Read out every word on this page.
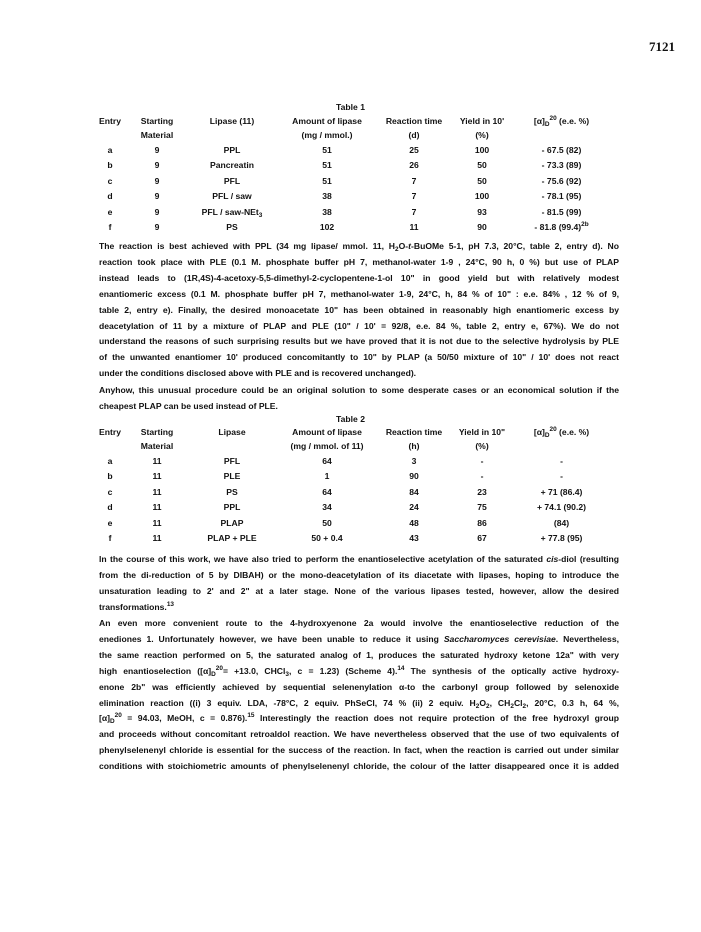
7121
Table 1
Entry	Starting	Lipase (11)	Amount of lipase	Reaction time	Yield in 10'	$[\alpha]_D^{20}$ (e.e. %)
	Material		(mg / mmol.)	(d)	(%)	
a	9	PPL	51	25	100	- 67.5 (82)
b	9	Pancreatin	51	26	50	- 73.3 (89)
c	9	PFL	51	7	50	- 75.6 (92)
d	9	PFL / saw	38	7	100	- 78.1 (95)
e	9	PFL / saw-NEt$_3$	38	7	93	- 81.5 (99)
f	9	PS	102	11	90	- 81.8 $(99.4)^{2b}$
The reaction is best achieved with PPL (34 mg lipase/ mmol. 11, $H_2O-t$-BuOMe 5-1, pH 7.3, 20°C, table 2, entry d). No
reaction took place with PLE (0.1 M. phosphate buffer pH 7, methanol-water 1-9 , 24°C, 90 h, 0 %) but use of PLAP
instead leads to (1R,4S)-4-acetoxy-5,5-dimethyl-2-cyclopentene-1-ol 10" in good yield but with relatively modest
enantiomeric excess (0.1 M. phosphate buffer pH 7, methanol-water 1-9, 24°C, h, 84 % of 10" : e.e. 84% , 12 % of 9,
table 2, entry e). Finally, the desired monoacetate 10" has been obtained in reasonably high enantiomeric excess by
deacetylation of 11 by a mixture of PLAP and PLE (10" / 10' = 92/8, e.e. 84 %, table 2, entry e, 67%). We do not
understand the reasons of such surprising results but we have proved that it is not due to the selective hydrolysis by PLE
of the unwanted enantiomer 10' produced concomitantly to 10" by PLAP (a 50/50 mixture of 10" / 10' does not react
under the conditions disclosed above with PLE and is recovered unchanged).
Anyhow, this unusual procedure could be an original solution to some desperate cases or an economical solution if the
cheapest PLAP can be used instead of PLE.
Table 2
Entry	Starting	Lipase	Amount of lipase	Reaction time	Yield in 10"	$[\alpha]_D^{20}$ (e.e. %)
	Material		(mg / mmol. of 11)	(h)	(%)	
a	11	PFL	64	3	-	-
b	11	PLE	1	90	-	-
c	11	PS	64	84	23	+ 71 (86.4)
d	11	PPL	34	24	75	+ 74.1 (90.2)
e	11	PLAP	50	48	86	(84)
f	11	PLAP + PLE	50 + 0.4	43	67	+ 77.8 (95)
In the course of this work, we have also tried to perform the enantioselective acetylation of the saturated cis-diol (resulting
from the di-reduction of 5 by DIBAH) or the mono-deacetylation of its diacetate with lipases, hoping to introduce the
unsaturation leading to 2' and 2" at a later stage. None of the various lipases tested, however, allow the desired
transformations.$^{13}$
An even more convenient route to the 4-hydroxyenone 2a would involve the enantioselective reduction of the
enediones 1. Unfortunately however, we have been unable to reduce it using Saccharomyces cerevisiae. Nevertheless,
the same reaction performed on 5, the saturated analog of 1, produces the saturated hydroxy ketone 12a" with very
high enantioselection ($[\alpha]_D^{20}= +13.0$, CHCl$_3$, c = 1.23) (Scheme 4).$^{14}$ The synthesis of the optically active hydroxy-
enone 2b" was efficiently achieved by sequential selenenylation α-to the carbonyl group followed by selenoxide
elimination reaction ((i) 3 equiv. LDA, -78°C, 2 equiv. PhSeCl, 74 % (ii) 2 equiv. $H_2O_2$, $CH_2Cl_2$, 20°C, 0.3 h, 64 %,
$[\alpha]_D^{20} = 94.03$, MeOH, c = 0.876).$^{15}$ Interestingly the reaction does not require protection of the free hydroxyl group
and proceeds without concomitant retroaldol reaction. We have nevertheless observed that the use of two equivalents of
phenylselenenyl chloride is essential for the success of the reaction. In fact, when the reaction is carried out under similar
conditions with stoichiometric amounts of phenylselenenyl chloride, the colour of the latter disappeared once it is added
